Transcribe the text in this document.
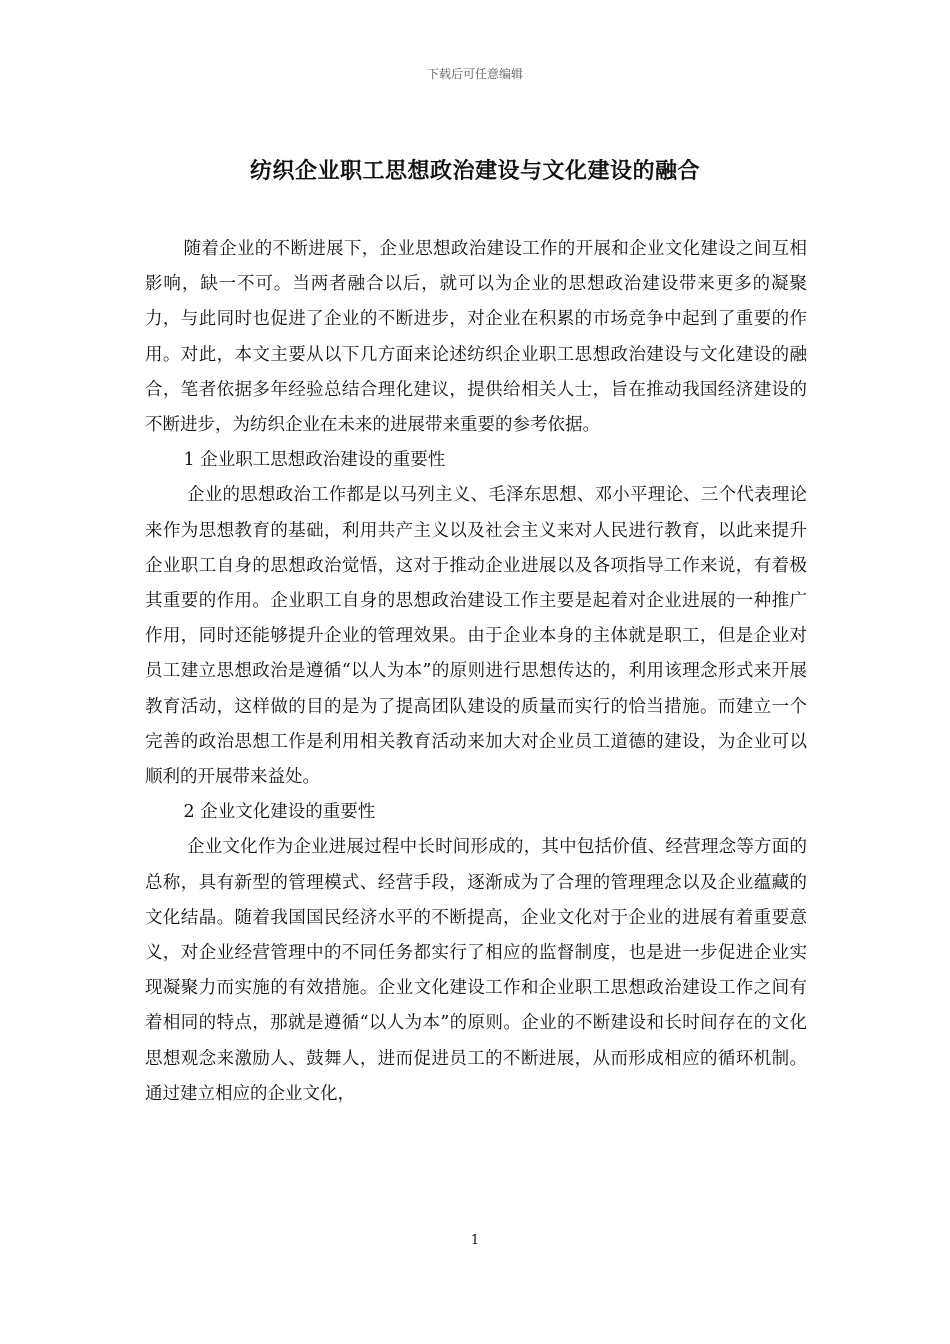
下载后可任意编辑
纺织企业职工思想政治建设与文化建设的融合

随着企业的不断进展下，企业思想政治建设工作的开展和企业文化建设之间互相影响，缺一不可。当两者融合以后，就可以为企业的思想政治建设带来更多的凝聚力，与此同时也促进了企业的不断进步，对企业在积累的市场竞争中起到了重要的作用。对此，本文主要从以下几方面来论述纺织企业职工思想政治建设与文化建设的融合，笔者依据多年经验总结合理化建议，提供给相关人士，旨在推动我国经济建设的不断进步，为纺织企业在未来的进展带来重要的参考依据。

1 企业职工思想政治建设的重要性

企业的思想政治工作都是以马列主义、毛泽东思想、邓小平理论、三个代表理论来作为思想教育的基础，利用共产主义以及社会主义来对人民进行教育，以此来提升企业职工自身的思想政治觉悟，这对于推动企业进展以及各项指导工作来说，有着极其重要的作用。企业职工自身的思想政治建设工作主要是起着对企业进展的一种推广作用，同时还能够提升企业的管理效果。由于企业本身的主体就是职工，但是企业对员工建立思想政治是遵循“以人为本”的原则进行思想传达的，利用该理念形式来开展教育活动，这样做的目的是为了提高团队建设的质量而实行的恰当措施。而建立一个完善的政治思想工作是利用相关教育活动来加大对企业员工道德的建设，为企业可以顺利的开展带来益处。

2 企业文化建设的重要性

企业文化作为企业进展过程中长时间形成的，其中包括价值、经营理念等方面的总称，具有新型的管理模式、经营手段，逐渐成为了合理的管理理念以及企业蕴藏的文化结晶。随着我国国民经济水平的不断提高，企业文化对于企业的进展有着重要意义，对企业经营管理中的不同任务都实行了相应的监督制度，也是进一步促进企业实现凝聚力而实施的有效措施。企业文化建设工作和企业职工思想政治建设工作之间有着相同的特点，那就是遵循“以人为本”的原则。企业的不断建设和长时间存在的文化思想观念来激励人、鼓舞人，进而促进员工的不断进展，从而形成相应的循环机制。通过建立相应的企业文化，

1
